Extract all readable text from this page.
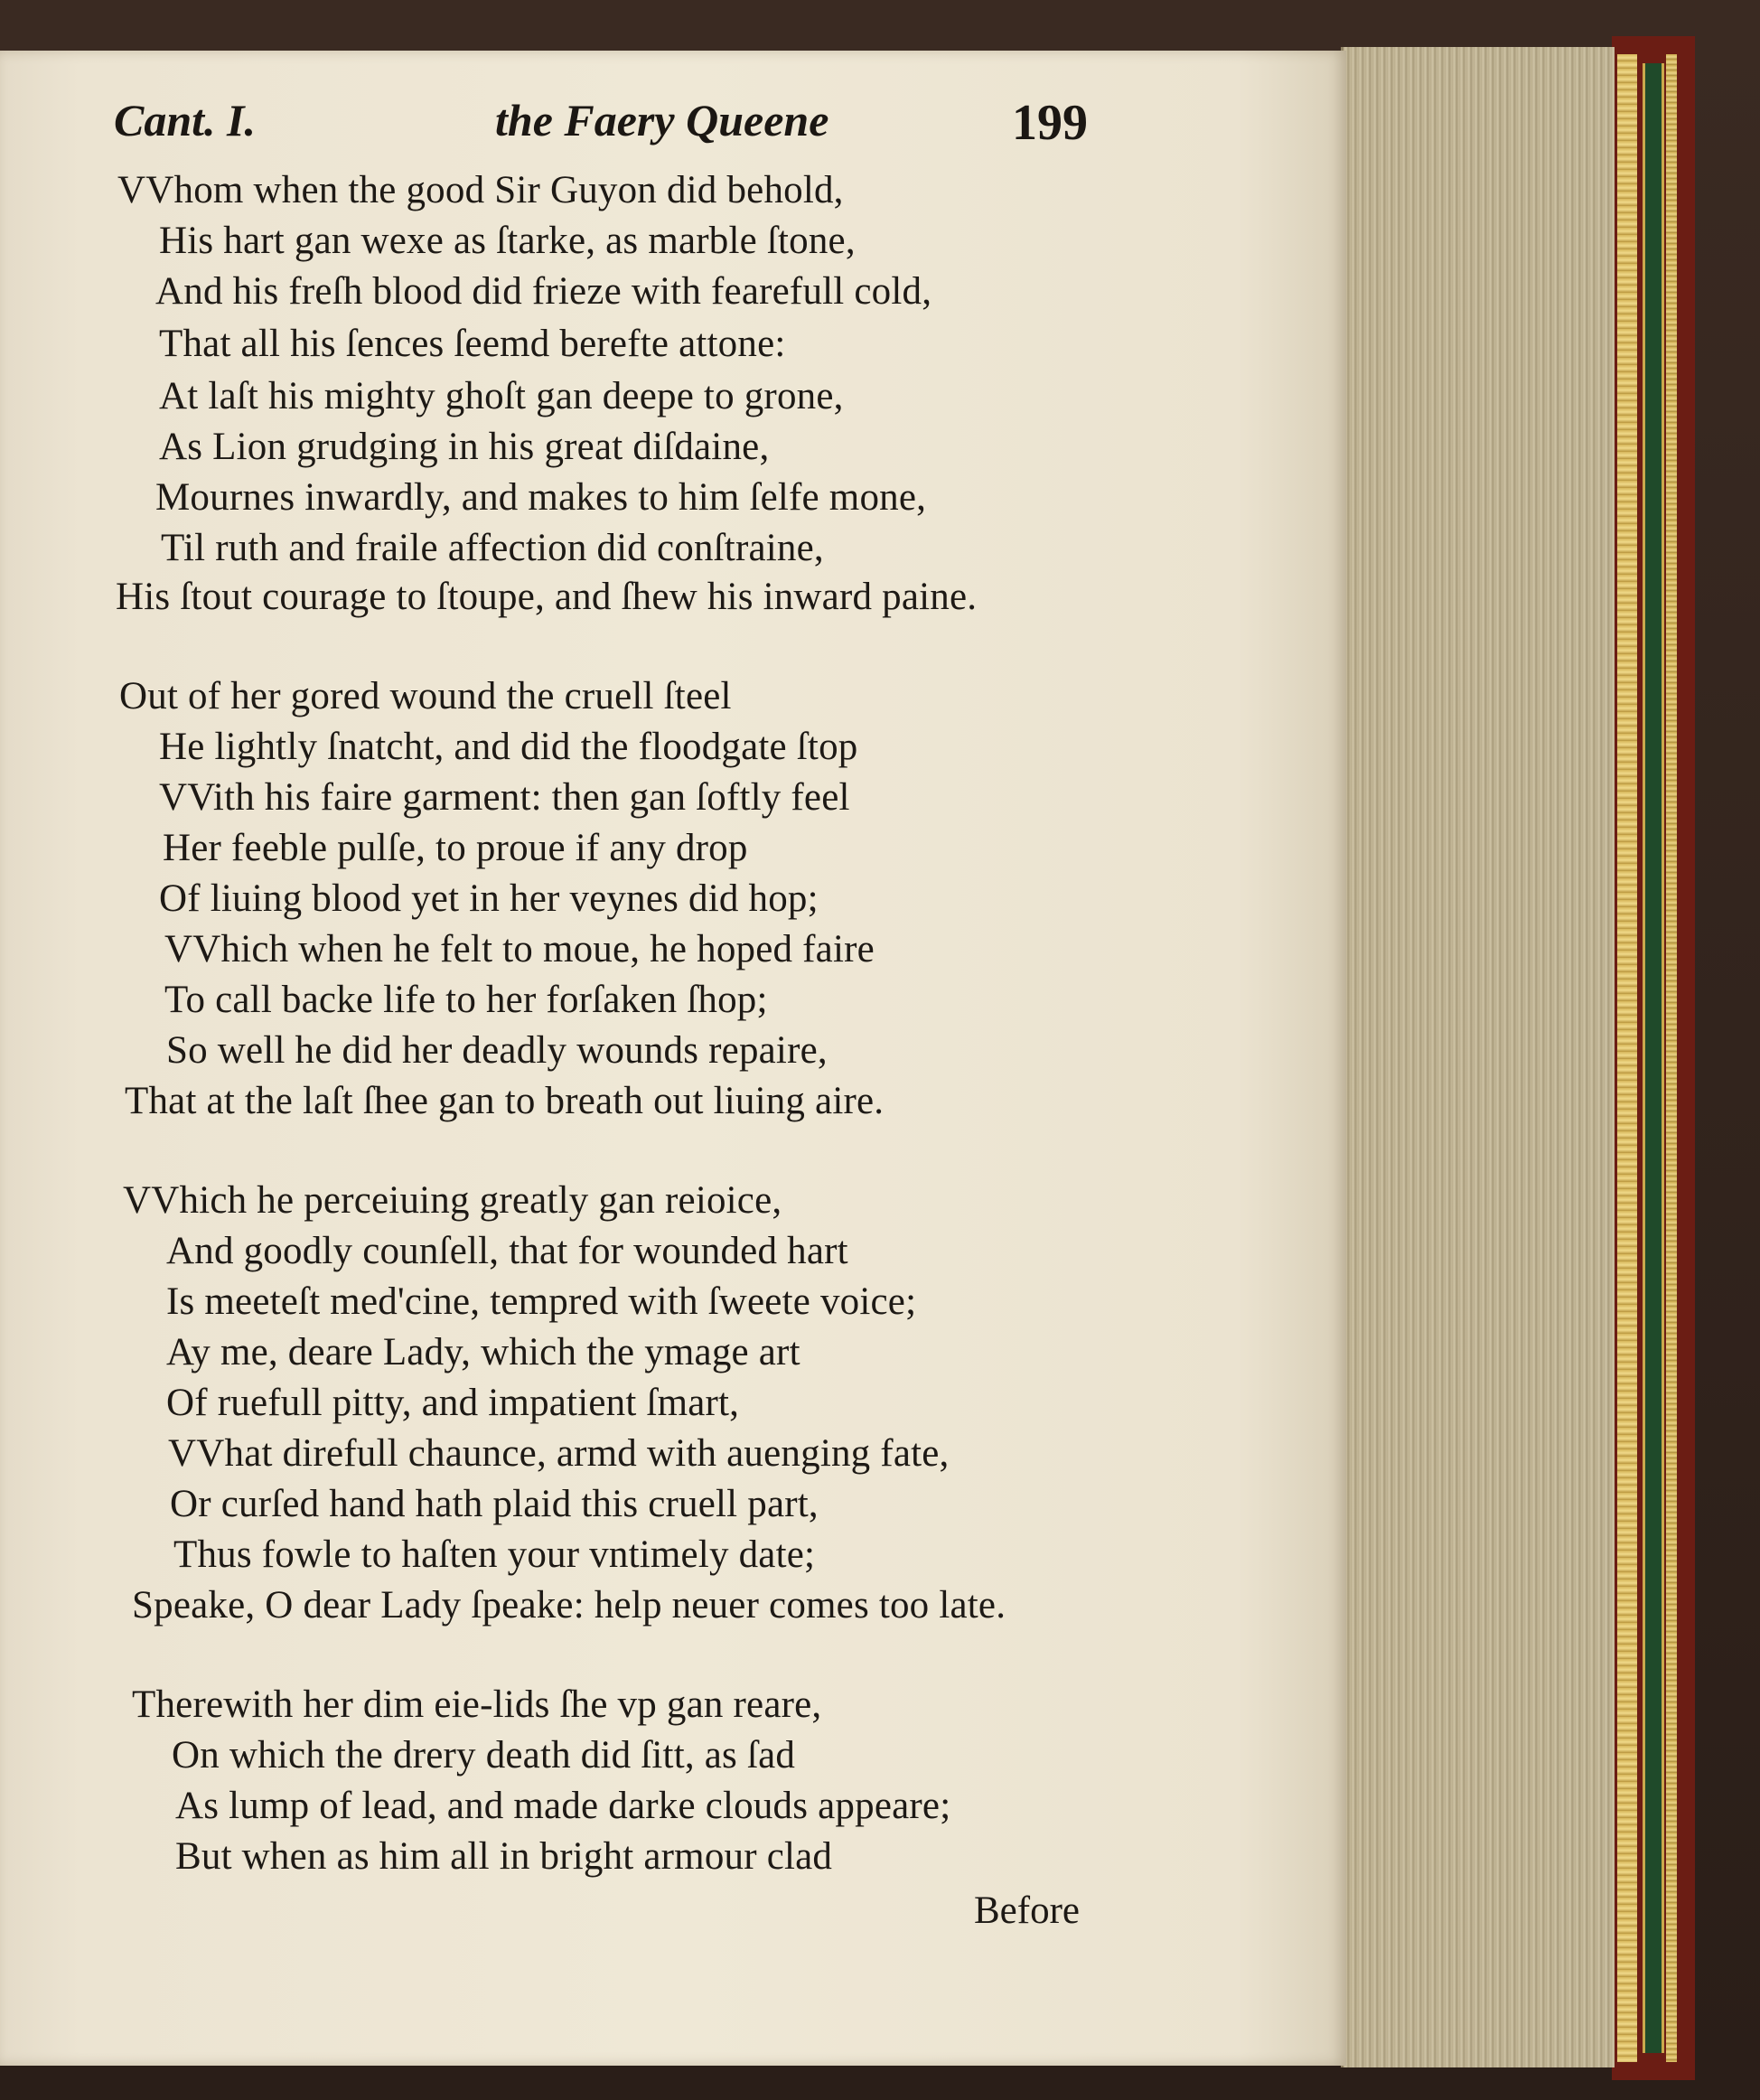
Cant. I.	the Faery Queene	199
VVhom when the good Sir Guyon did behold,
His hart gan wexe as ſtarke, as marble ſtone,
And his freſh blood did frieze with fearefull cold,
That all his ſences ſeemd berefte attone:
At laſt his mighty ghoſt gan deepe to grone,
As Lion grudging in his great diſdaine,
Mournes inwardly, and makes to him ſelfe mone,
Til ruth and fraile affection did conſtraine,
His ſtout courage to ſtoupe, and ſhew his inward paine.
Out of her gored wound the cruell ſteel
He lightly ſnatcht, and did the floodgate ſtop
VVith his faire garment: then gan ſoftly feel
Her feeble pulſe, to proue if any drop
Of liuing blood yet in her veynes did hop;
VVhich when he felt to moue, he hoped faire
To call backe life to her forſaken ſhop;
So well he did her deadly wounds repaire,
That at the laſt ſhee gan to breath out liuing aire.
VVhich he perceiuing greatly gan reioice,
And goodly counſell, that for wounded hart
Is meeteſt med'cine, tempred with ſweete voice;
Ay me, deare Lady, which the ymage art
Of ruefull pitty, and impatient ſmart,
VVhat direfull chaunce, armd with auenging fate,
Or curſed hand hath plaid this cruell part,
Thus fowle to haſten your vntimely date;
Speake, O dear Lady ſpeake: help neuer comes too late.
Therewith her dim eie-lids ſhe vp gan reare,
On which the drery death did ſitt, as ſad
As lump of lead, and made darke clouds appeare;
But when as him all in bright armour clad
Before
